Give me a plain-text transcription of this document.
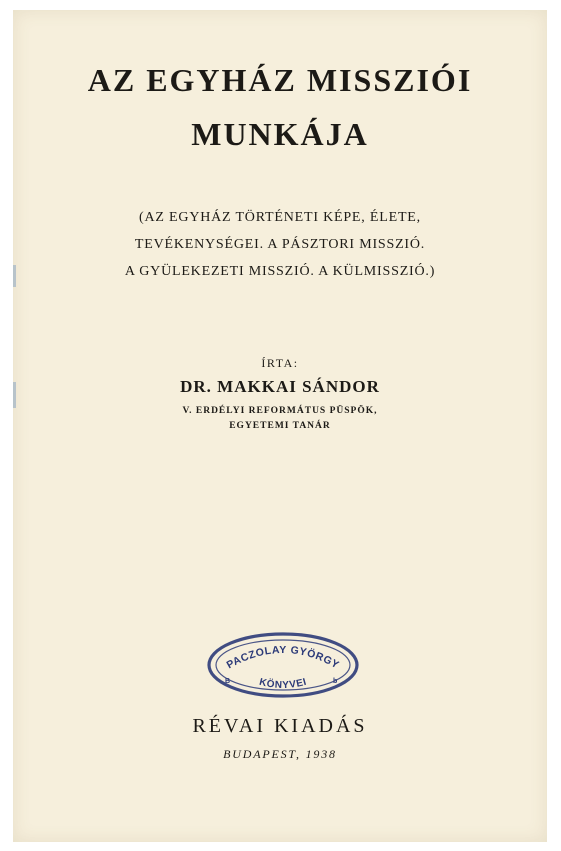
AZ EGYHÁZ MISSZIÓI
MUNKÁJA
(AZ EGYHÁZ TÖRTÉNETI KÉPE, ÉLETE,
TEVÉKENYSÉGEI. A PÁSZTORI MISSZIÓ.
A GYÜLEKEZETI MISSZIÓ. A KÜLMISSZIÓ.)
ÍRTA:
DR. MAKKAI SÁNDOR
V. ERDÉLYI REFORMÁTUS PÜSPÖK,
EGYETEMI TANÁR
PACZOLAY GYÖRGY
KÖNYVEI
B	b
RÉVAI KIADÁS
BUDAPEST, 1938
